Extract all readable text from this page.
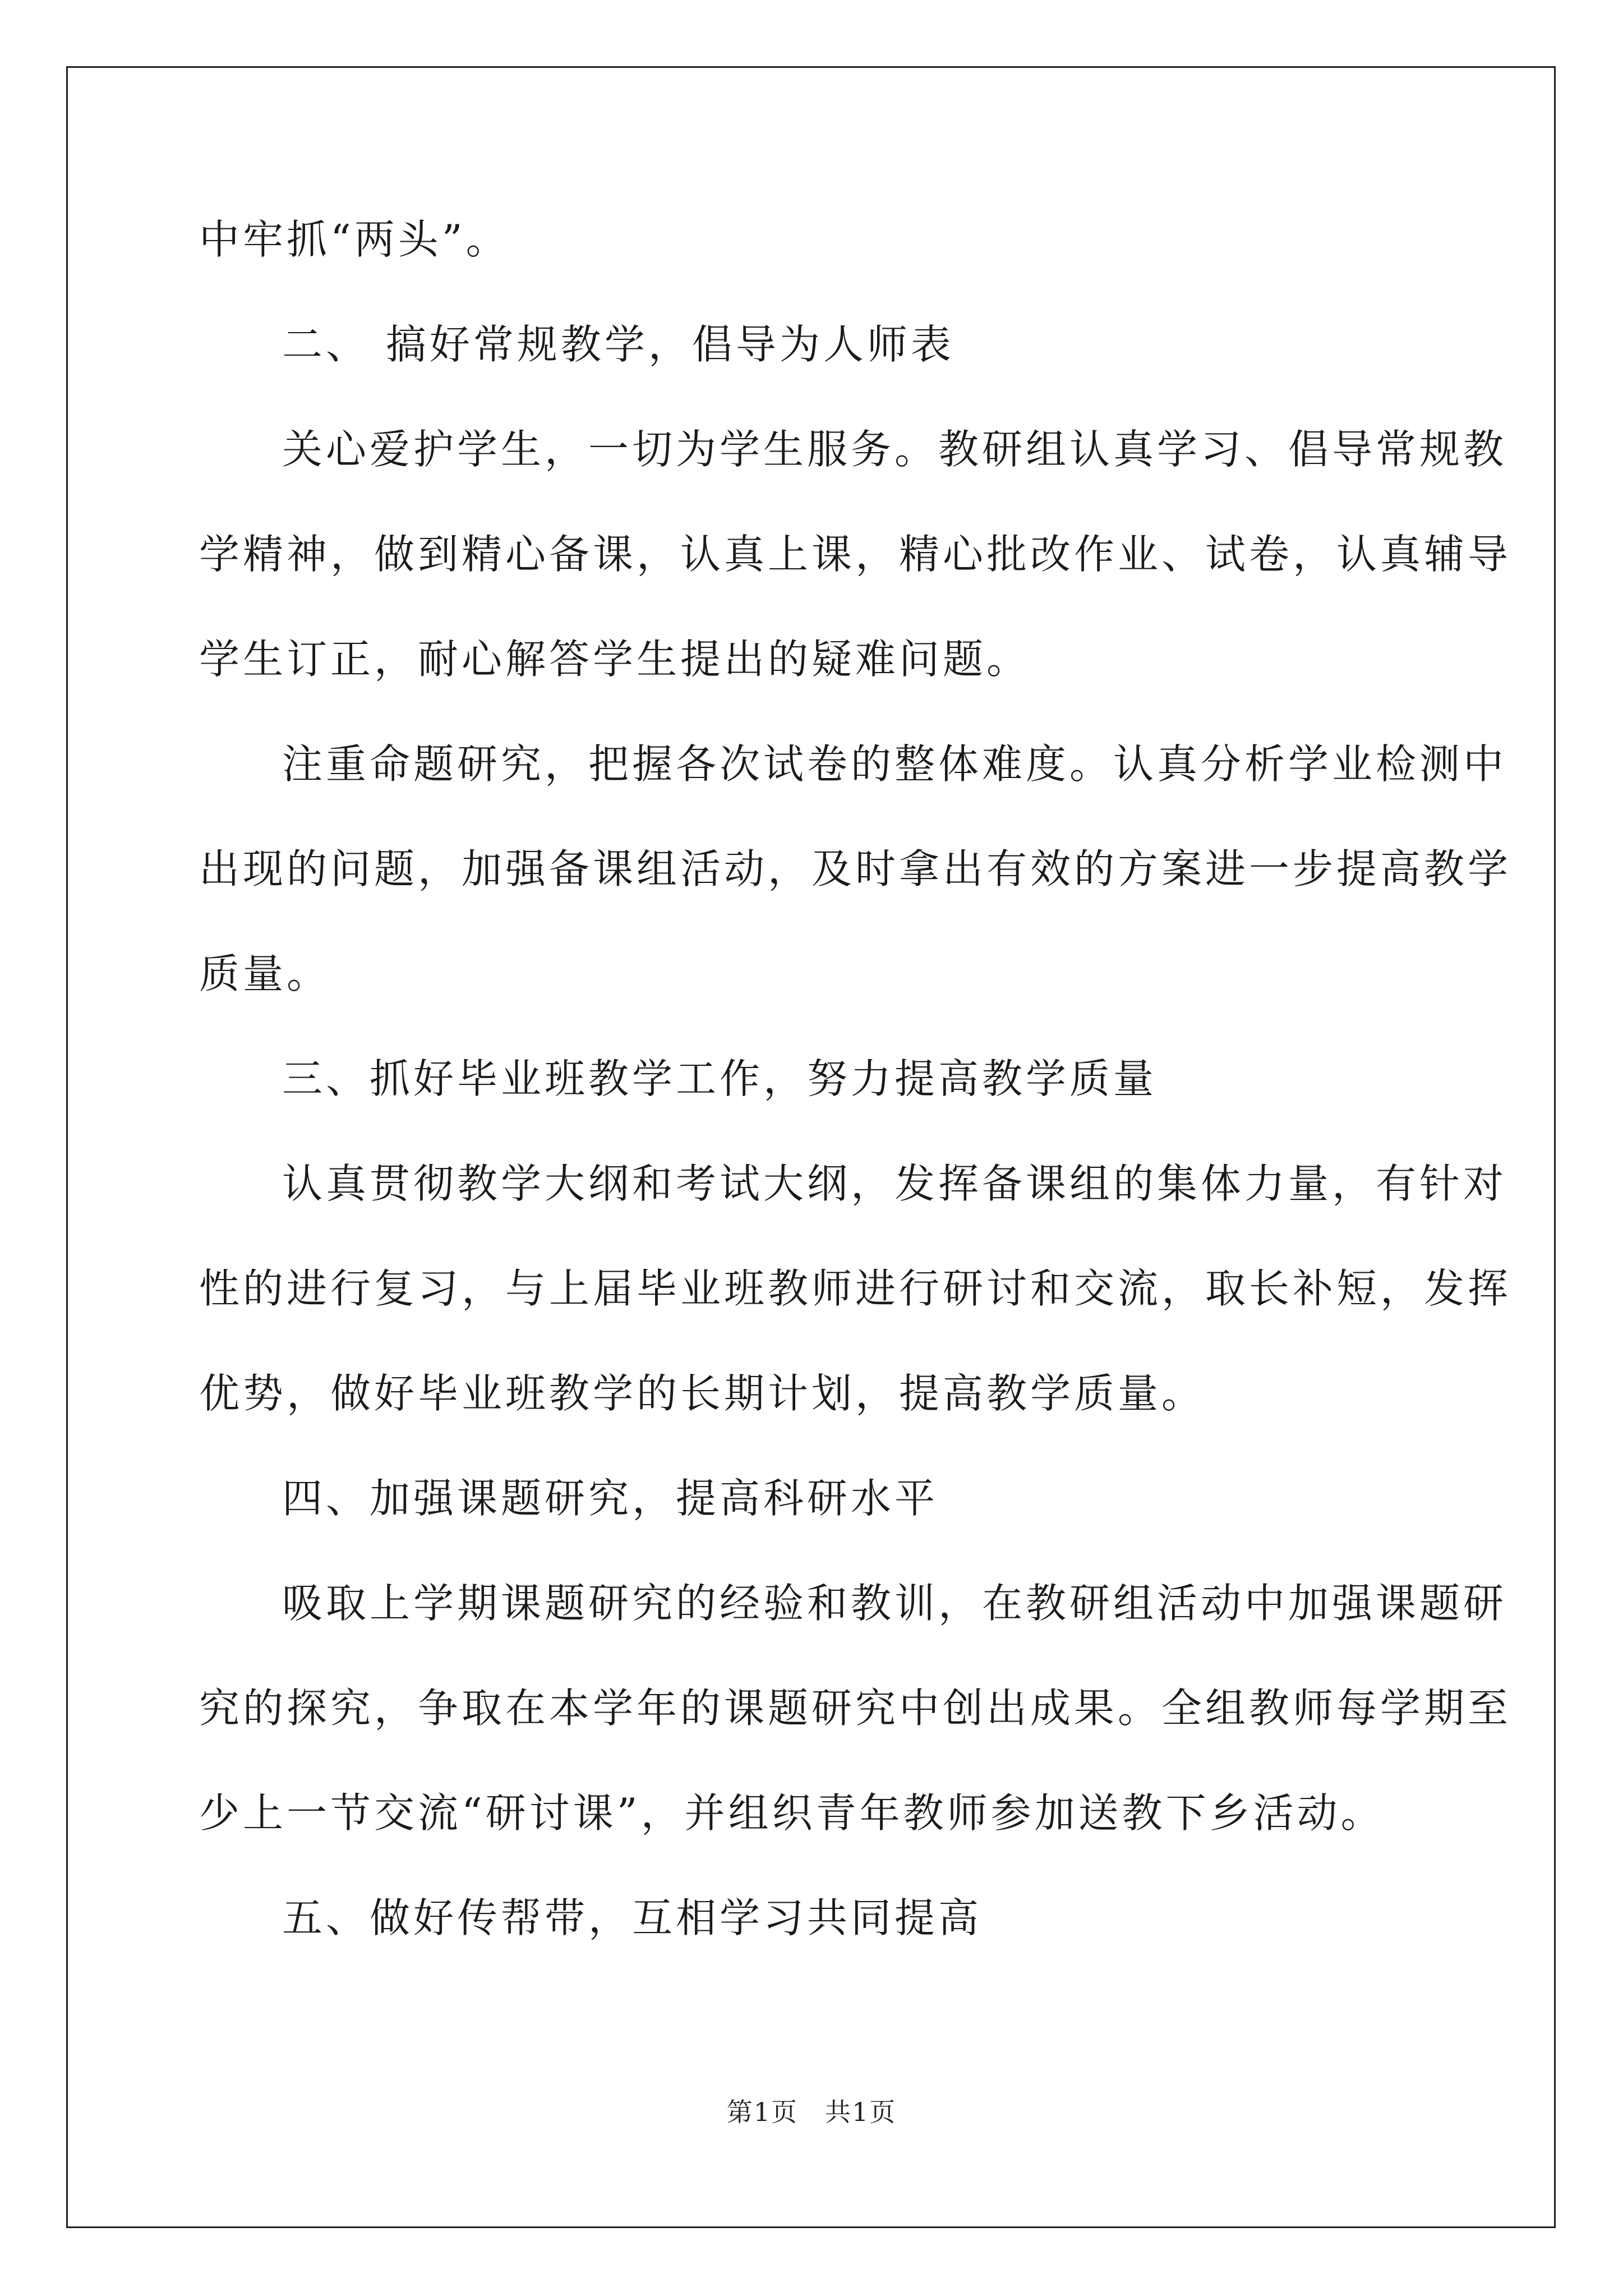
中牢抓“两头”。
二、 搞好常规教学，倡导为人师表
关心爱护学生，一切为学生服务。教研组认真学习、倡导常规教
学精神，做到精心备课，认真上课，精心批改作业、试卷，认真辅导
学生订正，耐心解答学生提出的疑难问题。
注重命题研究，把握各次试卷的整体难度。认真分析学业检测中
出现的问题，加强备课组活动，及时拿出有效的方案进一步提高教学
质量。
三、抓好毕业班教学工作，努力提高教学质量
认真贯彻教学大纲和考试大纲，发挥备课组的集体力量，有针对
性的进行复习，与上届毕业班教师进行研讨和交流，取长补短，发挥
优势，做好毕业班教学的长期计划，提高教学质量。
四、加强课题研究，提高科研水平
吸取上学期课题研究的经验和教训，在教研组活动中加强课题研
究的探究，争取在本学年的课题研究中创出成果。全组教师每学期至
少上一节交流“研讨课”，并组织青年教师参加送教下乡活动。
五、做好传帮带，互相学习共同提高
第1页　共1页
